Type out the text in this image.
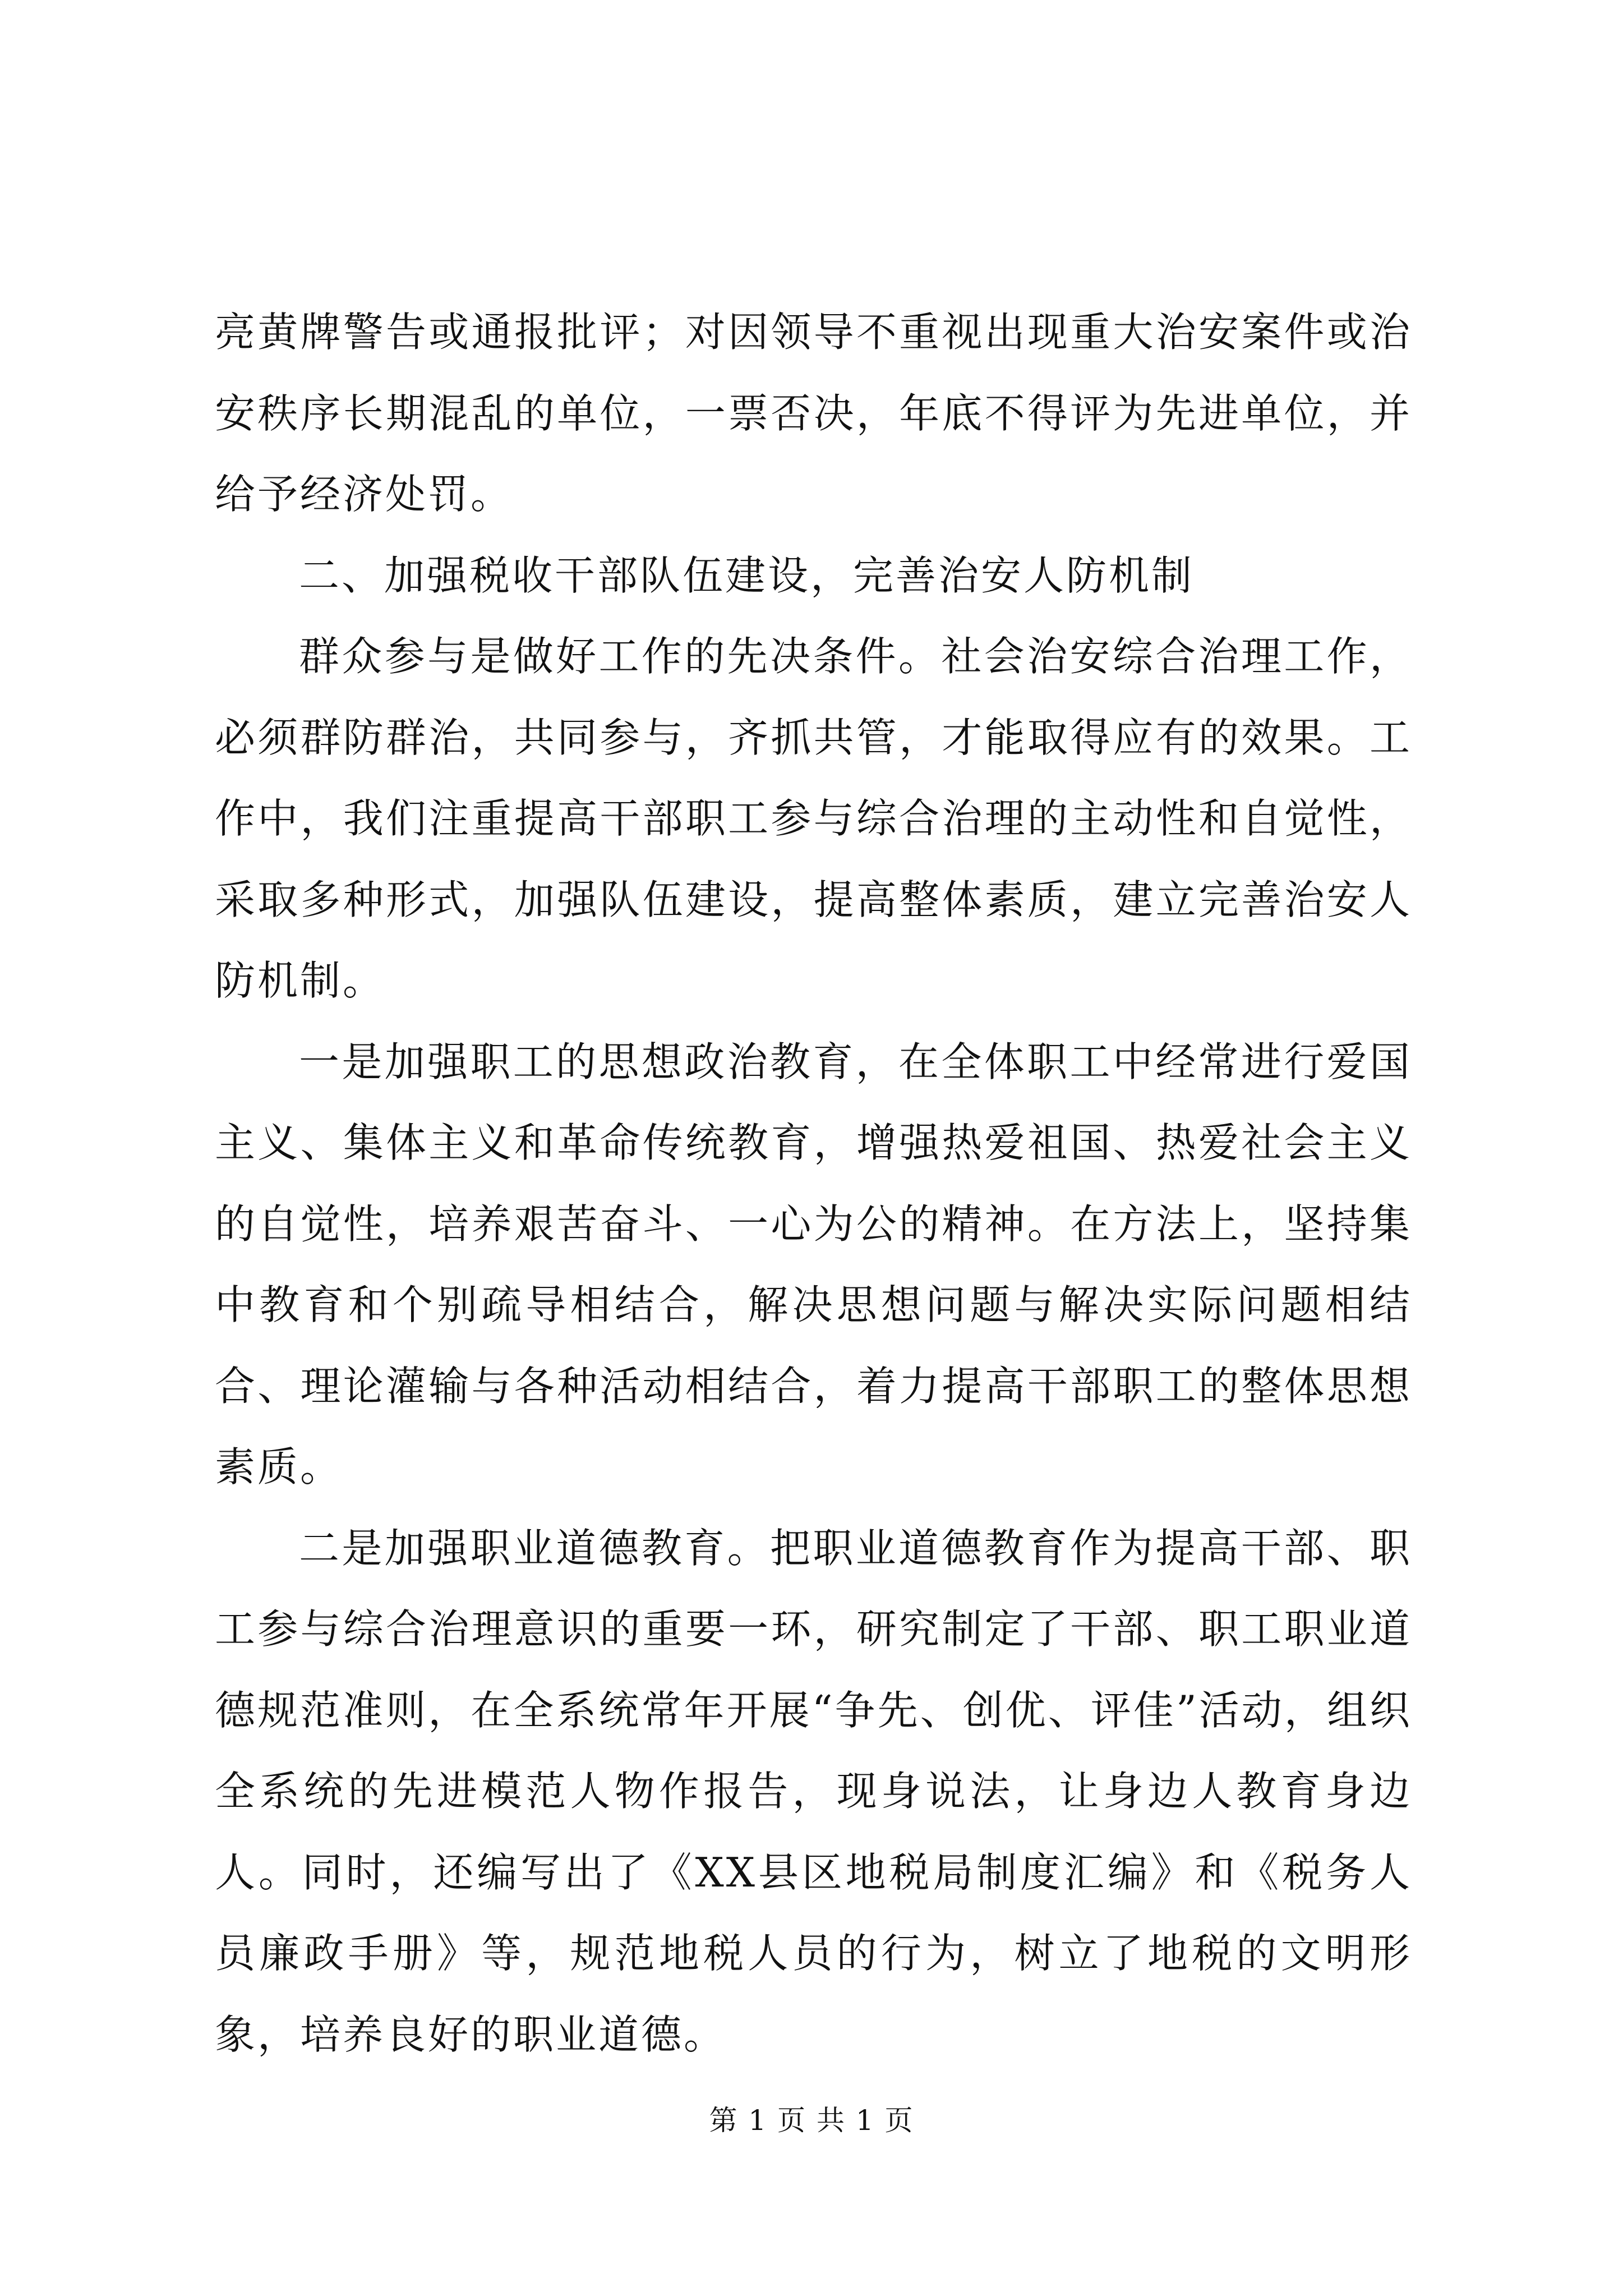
亮黄牌警告或通报批评；对因领导不重视出现重大治安案件或治安秩序长期混乱的单位，一票否决，年底不得评为先进单位，并给予经济处罚。

二、加强税收干部队伍建设，完善治安人防机制

群众参与是做好工作的先决条件。社会治安综合治理工作，必须群防群治，共同参与，齐抓共管，才能取得应有的效果。工作中，我们注重提高干部职工参与综合治理的主动性和自觉性，采取多种形式，加强队伍建设，提高整体素质，建立完善治安人防机制。

一是加强职工的思想政治教育，在全体职工中经常进行爱国主义、集体主义和革命传统教育，增强热爱祖国、热爱社会主义的自觉性，培养艰苦奋斗、一心为公的精神。在方法上，坚持集中教育和个别疏导相结合，解决思想问题与解决实际问题相结合、理论灌输与各种活动相结合，着力提高干部职工的整体思想素质。

二是加强职业道德教育。把职业道德教育作为提高干部、职工参与综合治理意识的重要一环，研究制定了干部、职工职业道德规范准则，在全系统常年开展“争先、创优、评佳”活动，组织全系统的先进模范人物作报告，现身说法，让身边人教育身边人。同时，还编写出了《XX县区地税局制度汇编》和《税务人员廉政手册》等，规范地税人员的行为，树立了地税的文明形象，培养良好的职业道德。

第 1 页 共 1 页
